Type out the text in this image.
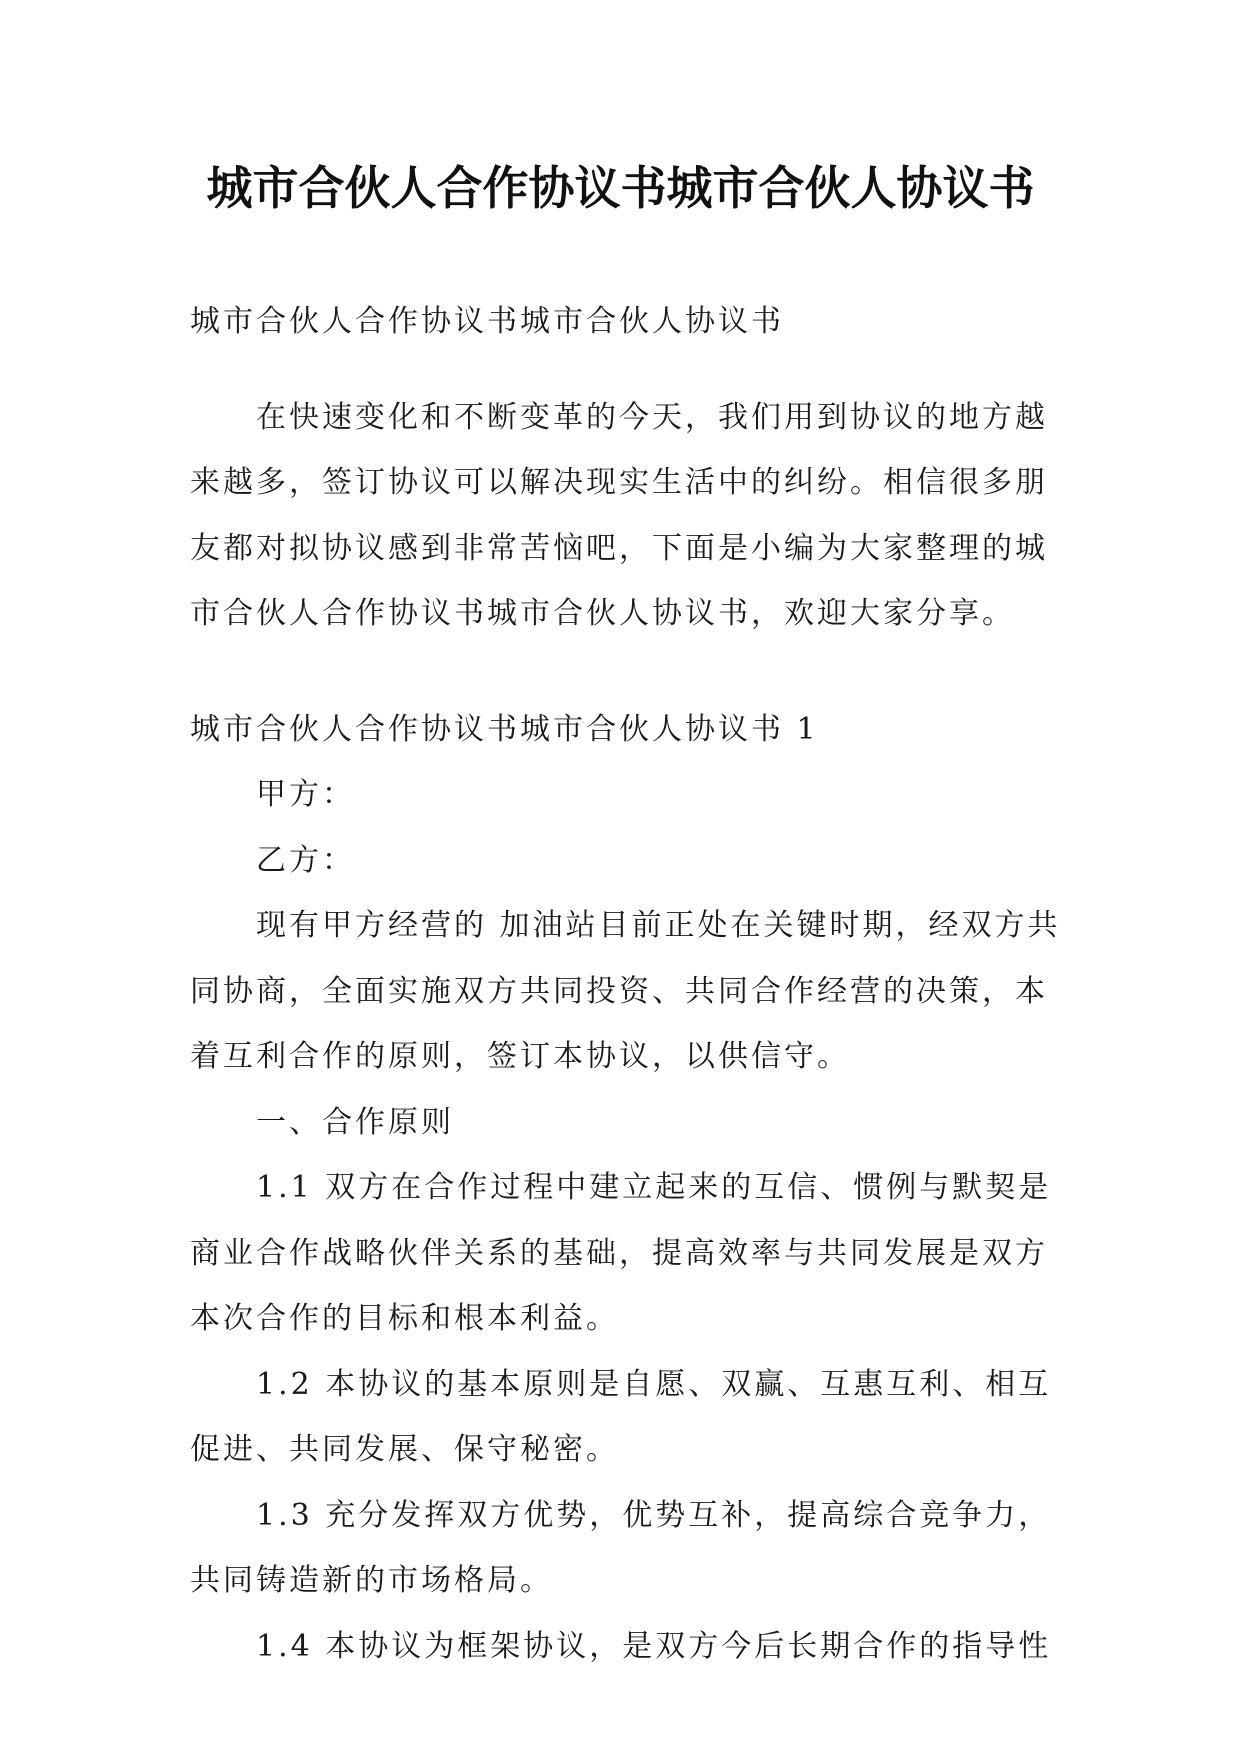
城市合伙人合作协议书城市合伙人协议书

城市合伙人合作协议书城市合伙人协议书

在快速变化和不断变革的今天，我们用到协议的地方越来越多，签订协议可以解决现实生活中的纠纷。相信很多朋友都对拟协议感到非常苦恼吧，下面是小编为大家整理的城市合伙人合作协议书城市合伙人协议书，欢迎大家分享。

城市合伙人合作协议书城市合伙人协议书 1

甲方：

乙方：

现有甲方经营的 加油站目前正处在关键时期，经双方共同协商，全面实施双方共同投资、共同合作经营的决策，本着互利合作的原则，签订本协议，以供信守。

一、合作原则

1.1 双方在合作过程中建立起来的互信、惯例与默契是商业合作战略伙伴关系的基础，提高效率与共同发展是双方本次合作的目标和根本利益。

1.2 本协议的基本原则是自愿、双赢、互惠互利、相互促进、共同发展、保守秘密。

1.3 充分发挥双方优势，优势互补，提高综合竞争力，共同铸造新的市场格局。

1.4 本协议为框架协议，是双方今后长期合作的指导性
